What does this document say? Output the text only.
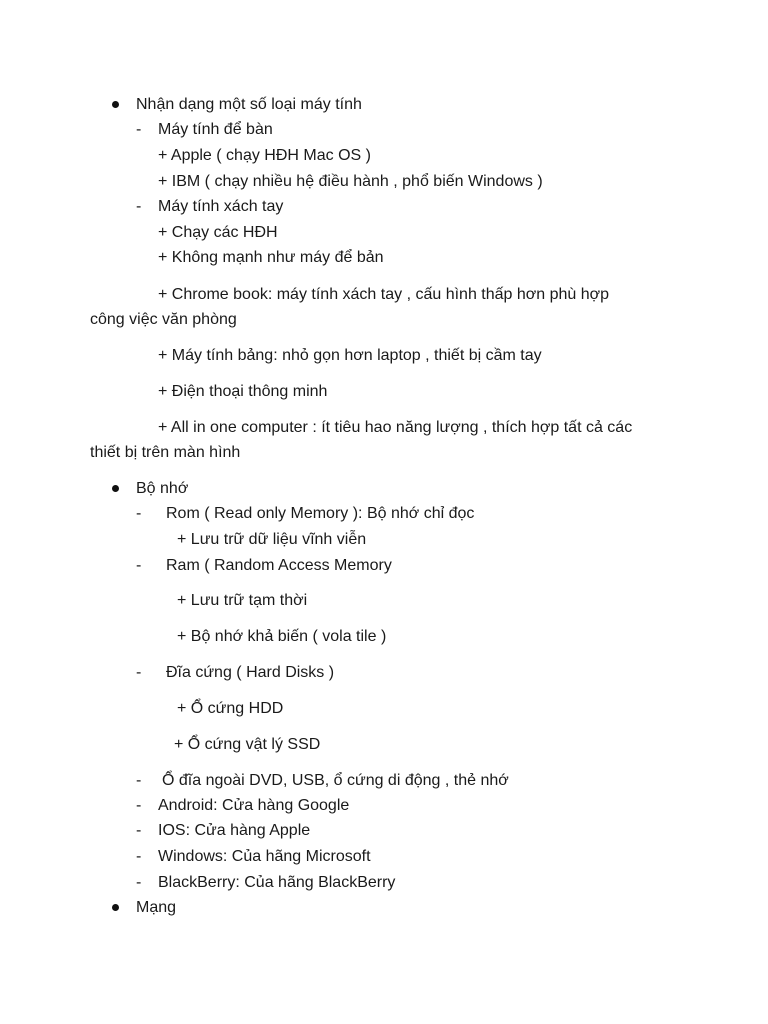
Nhận dạng một số loại máy tính
- Máy tính để bàn
+ Apple ( chạy HĐH Mac OS )
+ IBM ( chạy nhiều hệ điều hành , phổ biến Windows )
- Máy tính xách tay
+ Chạy các HĐH
+ Không mạnh như máy để bản
+ Chrome book: máy tính xách tay , cấu hình thấp hơn phù hợp
công việc văn phòng
+ Máy tính bảng: nhỏ gọn hơn laptop , thiết bị cầm tay
+ Điện thoại thông minh
+ All in one computer : ít tiêu hao năng lượng , thích hợp tất cả các
thiết bị trên màn hình
Bộ nhớ
- Rom ( Read only Memory ): Bộ nhớ chỉ đọc
+ Lưu trữ dữ liệu vĩnh viễn
- Ram ( Random Access Memory
+ Lưu trữ tạm thời
+ Bộ nhớ khả biến ( vola tile )
- Đĩa cứng ( Hard Disks )
+ Ổ cứng HDD
+ Ổ cứng vật lý SSD
- Ổ đĩa ngoài DVD, USB, ổ cứng di động , thẻ nhớ
- Android: Cửa hàng Google
- IOS: Cửa hàng Apple
- Windows: Của hãng Microsoft
- BlackBerry: Của hãng BlackBerry
Mạng
